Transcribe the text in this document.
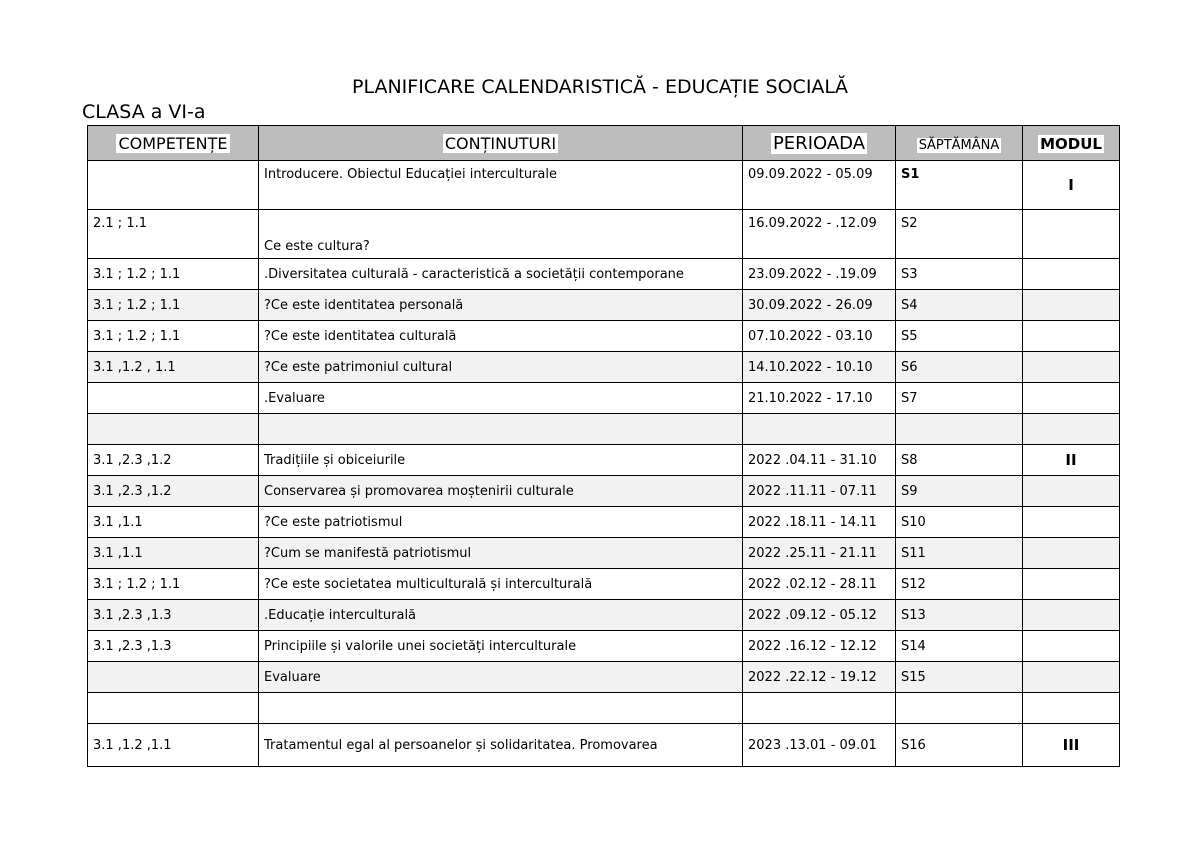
PLANIFICARE CALENDARISTICĂ - EDUCAȚIE SOCIALĂ
CLASA a VI-a
COMPETENȚE	CONȚINUTURI	PERIOADA	SĂPTĂMÂNA	MODUL
	Introducere. Obiectul Educației interculturale	09.09.2022 - 05.09	S1	I
2.1 ; 1.1	Ce este cultura?	16.09.2022 - .12.09	S2	
3.1 ; 1.2 ; 1.1	.Diversitatea culturală - caracteristică a societății contemporane	23.09.2022 - .19.09	S3	
3.1 ; 1.2 ; 1.1	?Ce este identitatea personală	30.09.2022 - 26.09	S4	
3.1 ; 1.2 ; 1.1	?Ce este identitatea culturală	07.10.2022 - 03.10	S5	
3.1 ,1.2 , 1.1	?Ce este patrimoniul cultural	14.10.2022 - 10.10	S6	
	.Evaluare	21.10.2022 - 17.10	S7	

3.1 ,2.3 ,1.2	Tradițiile și obiceiurile	2022 .04.11 - 31.10	S8	II
3.1 ,2.3 ,1.2	Conservarea și promovarea moștenirii culturale	2022 .11.11 - 07.11	S9	
3.1 ,1.1	?Ce este patriotismul	2022 .18.11 - 14.11	S10	
3.1 ,1.1	?Cum se manifestă patriotismul	2022 .25.11 - 21.11	S11	
3.1 ; 1.2 ; 1.1	?Ce este societatea multiculturală și interculturală	2022 .02.12 - 28.11	S12	
3.1 ,2.3 ,1.3	.Educație interculturală	2022 .09.12 - 05.12	S13	
3.1 ,2.3 ,1.3	Principiile și valorile unei societăți interculturale	2022 .16.12 - 12.12	S14	
	Evaluare	2022 .22.12 - 19.12	S15	

3.1 ,1.2 ,1.1	Tratamentul egal al persoanelor și solidaritatea. Promovarea	2023 .13.01 - 09.01	S16	III
